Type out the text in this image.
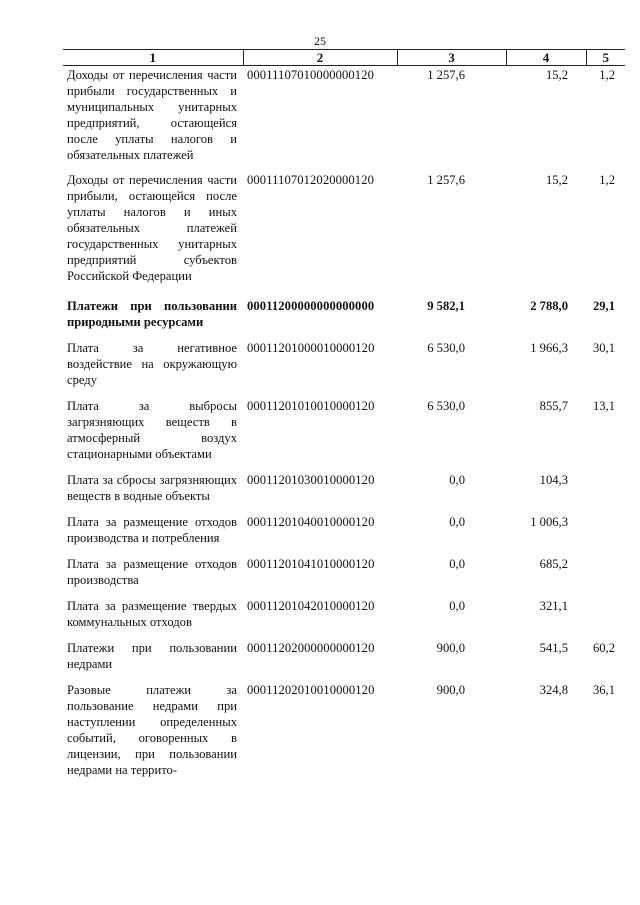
25
1	2	3	4	5
Доходы от перечисления части прибыли государственных и муниципальных унитарных предприятий, остающейся после уплаты налогов и обязательных платежей	00011107010000000120	1 257,6	15,2	1,2
Доходы от перечисления части прибыли, остающейся после уплаты налогов и иных обязательных платежей государственных унитарных предприятий субъектов Российской Федерации	00011107012020000120	1 257,6	15,2	1,2
Платежи при пользовании природными ресурсами	00011200000000000000	9 582,1	2 788,0	29,1
Плата за негативное воздействие на окружающую среду	00011201000010000120	6 530,0	1 966,3	30,1
Плата за выбросы загрязняющих веществ в атмосферный воздух стационарными объектами	00011201010010000120	6 530,0	855,7	13,1
Плата за сбросы загрязняющих веществ в водные объекты	00011201030010000120	0,0	104,3	
Плата за размещение отходов производства и потребления	00011201040010000120	0,0	1 006,3	
Плата за размещение отходов производства	00011201041010000120	0,0	685,2	
Плата за размещение твердых коммунальных отходов	00011201042010000120	0,0	321,1	
Платежи при пользовании недрами	00011202000000000120	900,0	541,5	60,2
Разовые платежи за пользование недрами при наступлении определенных событий, оговоренных в лицензии, при пользовании недрами на террито-	00011202010010000120	900,0	324,8	36,1
